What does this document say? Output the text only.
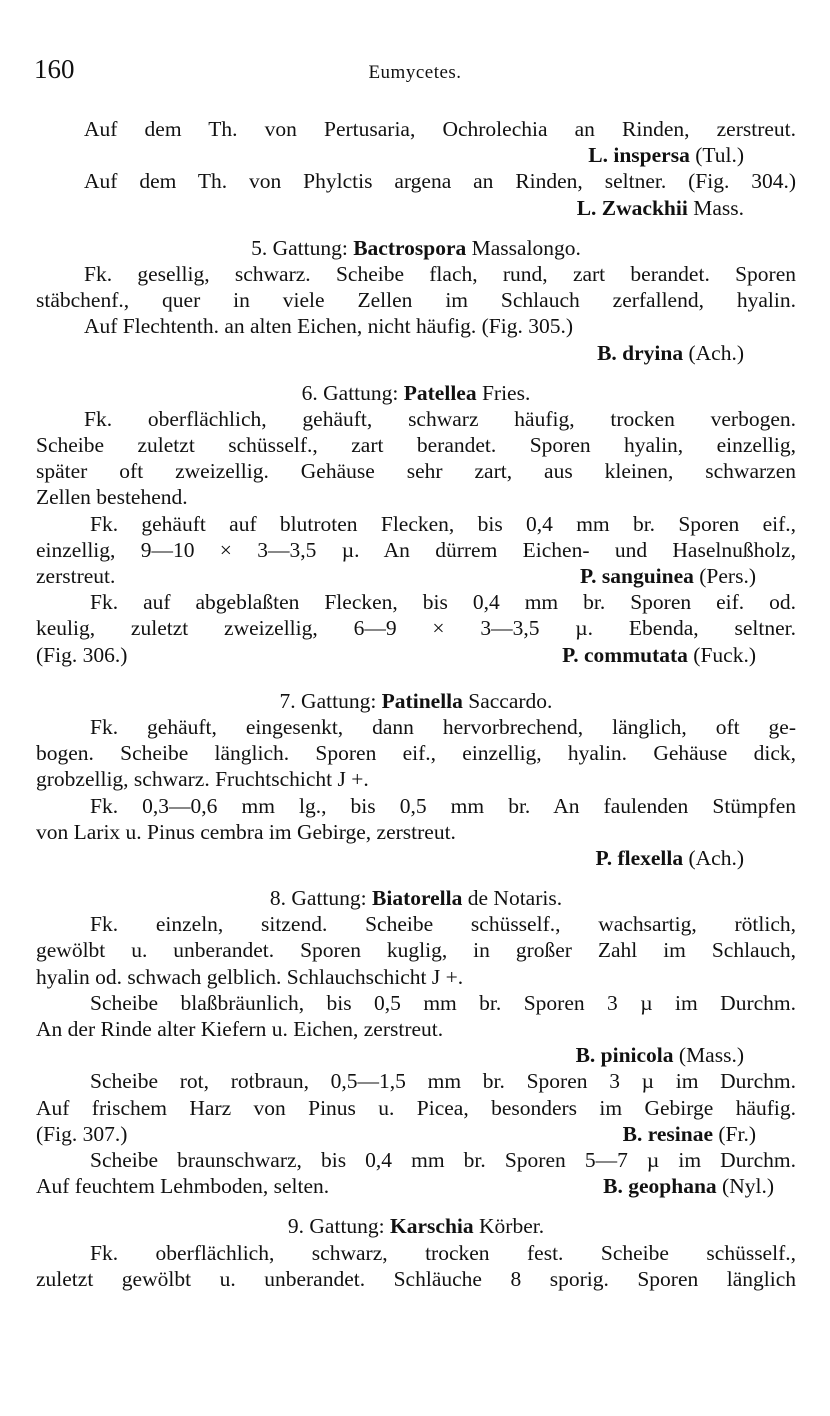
160	Eumycetes.
Auf dem Th. von Pertusaria, Ochrolechia an Rinden, zerstreut.
L. inspersa (Tul.)
Auf dem Th. von Phylctis argena an Rinden, seltner. (Fig. 304.)
L. Zwackhii Mass.
5. Gattung: Bactrospora Massalongo.
Fk. gesellig, schwarz. Scheibe flach, rund, zart berandet. Sporen
stäbchenf., quer in viele Zellen im Schlauch zerfallend, hyalin.
Auf Flechtenth. an alten Eichen, nicht häufig. (Fig. 305.)
B. dryina (Ach.)
6. Gattung: Patellea Fries.
Fk. oberflächlich, gehäuft, schwarz häufig, trocken verbogen.
Scheibe zuletzt schüsself., zart berandet. Sporen hyalin, einzellig,
später oft zweizellig. Gehäuse sehr zart, aus kleinen, schwarzen
Zellen bestehend.
Fk. gehäuft auf blutroten Flecken, bis 0,4 mm br. Sporen eif.,
einzellig, 9—10 × 3—3,5 µ. An dürrem Eichen- und Haselnußholz,
zerstreut.	P. sanguinea (Pers.)
Fk. auf abgeblaßten Flecken, bis 0,4 mm br. Sporen eif. od.
keulig, zuletzt zweizellig, 6—9 × 3—3,5 µ. Ebenda, seltner.
(Fig. 306.)	P. commutata (Fuck.)
7. Gattung: Patinella Saccardo.
Fk. gehäuft, eingesenkt, dann hervorbrechend, länglich, oft ge-
bogen. Scheibe länglich. Sporen eif., einzellig, hyalin. Gehäuse dick,
grobzellig, schwarz. Fruchtschicht J +.
Fk. 0,3—0,6 mm lg., bis 0,5 mm br. An faulenden Stümpfen
von Larix u. Pinus cembra im Gebirge, zerstreut.
P. flexella (Ach.)
8. Gattung: Biatorella de Notaris.
Fk. einzeln, sitzend. Scheibe schüsself., wachsartig, rötlich,
gewölbt u. unberandet. Sporen kuglig, in großer Zahl im Schlauch,
hyalin od. schwach gelblich. Schlauchschicht J +.
Scheibe blaßbräunlich, bis 0,5 mm br. Sporen 3 µ im Durchm.
An der Rinde alter Kiefern u. Eichen, zerstreut.
B. pinicola (Mass.)
Scheibe rot, rotbraun, 0,5—1,5 mm br. Sporen 3 µ im Durchm.
Auf frischem Harz von Pinus u. Picea, besonders im Gebirge häufig.
(Fig. 307.)	B. resinae (Fr.)
Scheibe braunschwarz, bis 0,4 mm br. Sporen 5—7 µ im Durchm.
Auf feuchtem Lehmboden, selten.	B. geophana (Nyl.)
9. Gattung: Karschia Körber.
Fk. oberflächlich, schwarz, trocken fest. Scheibe schüsself.,
zuletzt gewölbt u. unberandet. Schläuche 8 sporig. Sporen länglich
